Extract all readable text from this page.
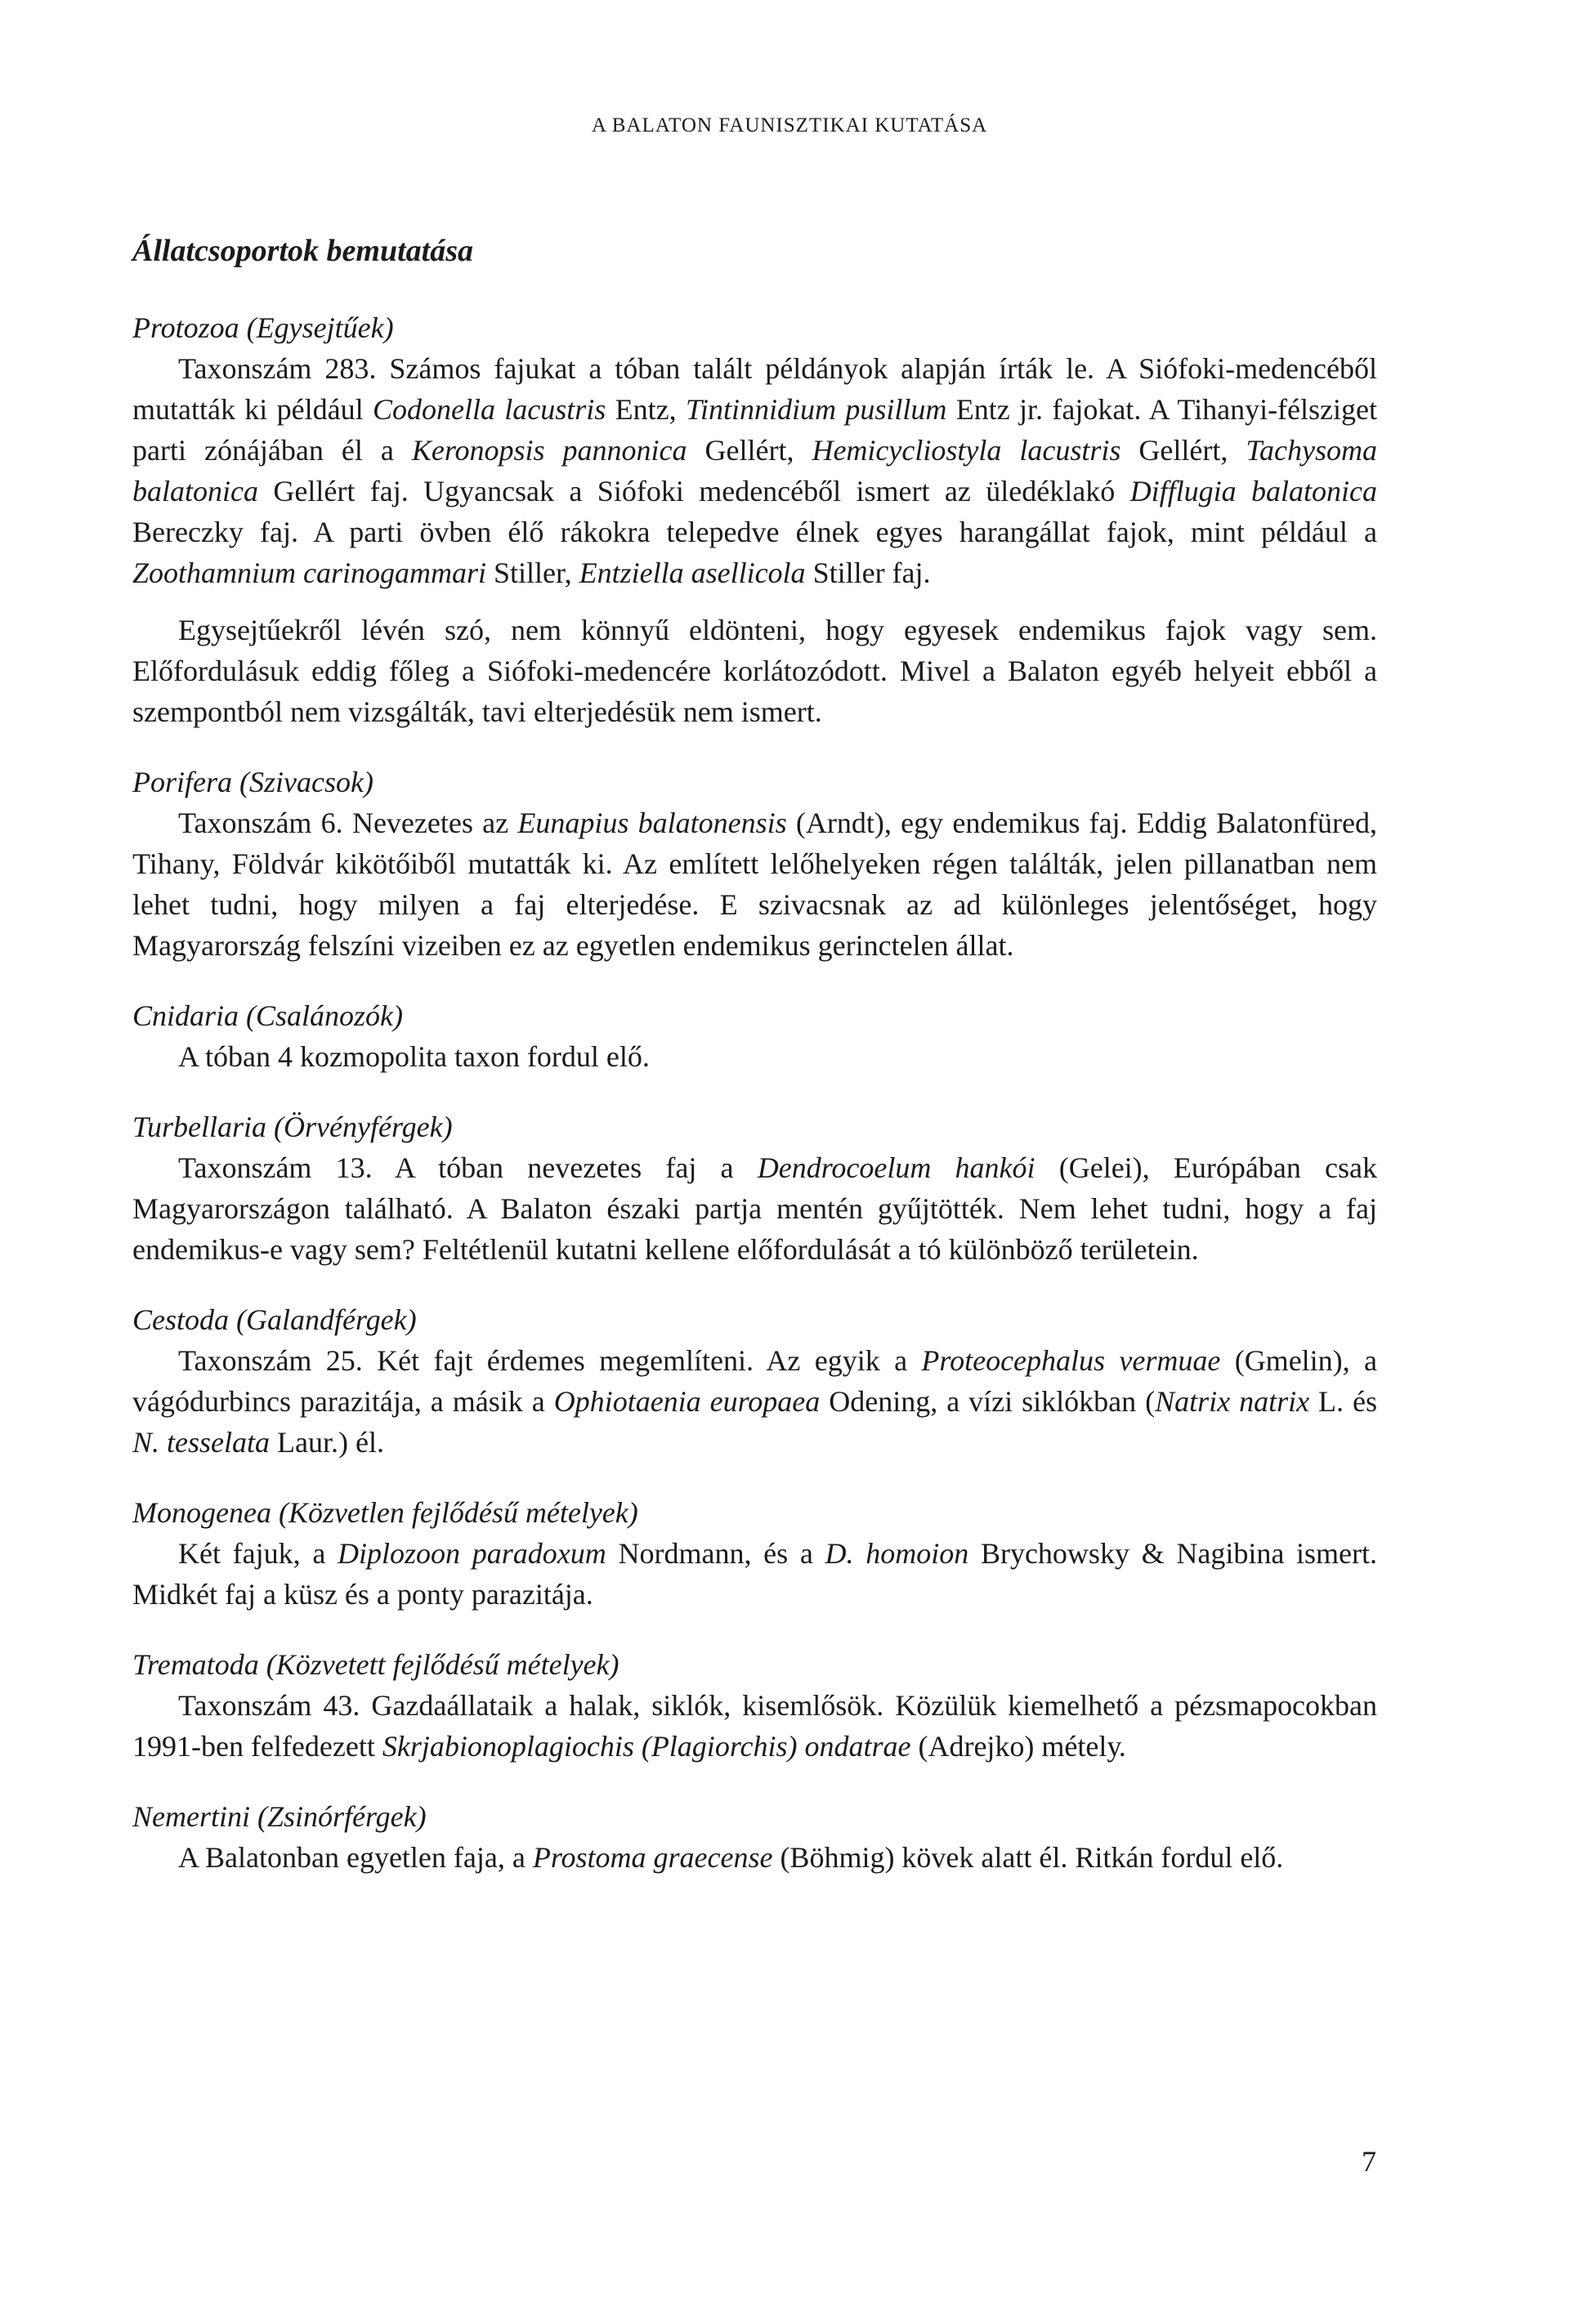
A BALATON FAUNISZTIKAI KUTATÁSA
Állatcsoportok bemutatása

Protozoa (Egysejtűek)

Taxonszám 283. Számos fajukat a tóban talált példányok alapján írták le. A Siófoki-medencéből mutatták ki például Codonella lacustris Entz, Tintinnidium pusillum Entz jr. fajokat. A Tihanyi-félsziget parti zónájában él a Keronopsis pannonica Gellért, Hemicycliostyla lacustris Gellért, Tachysoma balatonica Gellért faj. Ugyancsak a Siófoki medencéből ismert az üledéklakó Difflugia balatonica Bereczky faj. A parti övben élő rákokra telepedve élnek egyes harangállat fajok, mint például a Zoothamnium carinogammari Stiller, Entziella asellicola Stiller faj.

Egysejtűekről lévén szó, nem könnyű eldönteni, hogy egyesek endemikus fajok vagy sem. Előfordulásuk eddig főleg a Siófoki-medencére korlátozódott. Mivel a Balaton egyéb helyeit ebből a szempontból nem vizsgálták, tavi elterjedésük nem ismert.

Porifera (Szivacsok)

Taxonszám 6. Nevezetes az Eunapius balatonensis (Arndt), egy endemikus faj. Eddig Balatonfüred, Tihany, Földvár kikötőiből mutatták ki. Az említett lelőhelyeken régen találták, jelen pillanatban nem lehet tudni, hogy milyen a faj elterjedése. E szivacsnak az ad különleges jelentőséget, hogy Magyarország felszíni vizeiben ez az egyetlen endemikus gerinctelen állat.

Cnidaria (Csalánozók)

A tóban 4 kozmopolita taxon fordul elő.

Turbellaria (Örvényférgek)

Taxonszám 13. A tóban nevezetes faj a Dendrocoelum hankói (Gelei), Európában csak Magyarországon található. A Balaton északi partja mentén gyűjtötték. Nem lehet tudni, hogy a faj endemikus-e vagy sem? Feltétlenül kutatni kellene előfordulását a tó különböző területein.

Cestoda (Galandférgek)

Taxonszám 25. Két fajt érdemes megemlíteni. Az egyik a Proteocephalus vermuae (Gmelin), a vágódurbincs parazitája, a másik a Ophiotaenia europaea Odening, a vízi siklókban (Natrix natrix L. és N. tesselata Laur.) él.

Monogenea (Közvetlen fejlődésű mételyek)

Két fajuk, a Diplozoon paradoxum Nordmann, és a D. homoion Brychowsky & Nagibina ismert. Midkét faj a küsz és a ponty parazitája.

Trematoda (Közvetett fejlődésű mételyek)

Taxonszám 43. Gazdaállataik a halak, siklók, kisemlősök. Közülük kiemelhető a pézsmapocokban 1991-ben felfedezett Skrjabionoplagiochis (Plagiorchis) ondatrae (Adrejko) mételу.

Nemertini (Zsinórférgek)

A Balatonban egyetlen faja, a Prostoma graecense (Böhmig) kövek alatt él. Ritkán fordul elő.

7
